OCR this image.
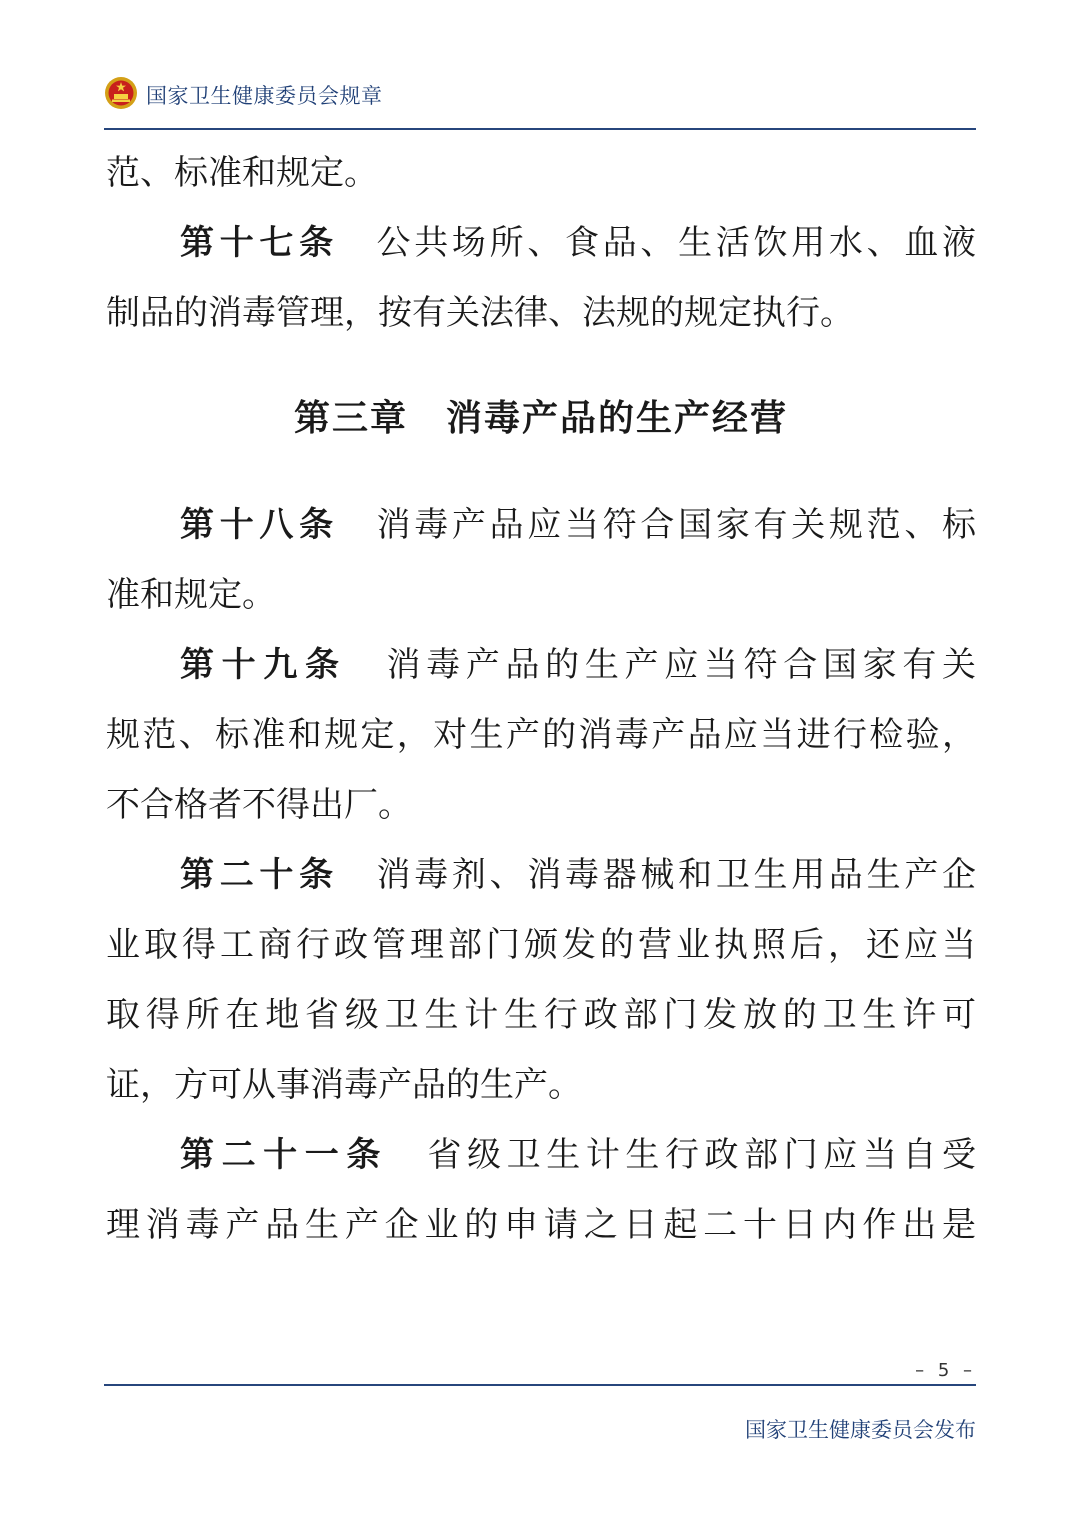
国家卫生健康委员会规章
范、标准和规定。
第十七条　 公共场所、食品、生活饮用水、血液
制品的消毒管理，按有关法律、法规的规定执行。
第三章　消毒产品的生产经营
第十八条　 消毒产品应当符合国家有关规范、标
准和规定。
第十九条　 消毒产品的生产应当符合国家有关
规范、标准和规定，对生产的消毒产品应当进行检验，
不合格者不得出厂。
第二十条　 消毒剂、消毒器械和卫生用品生产企
业取得工商行政管理部门颁发的营业执照后，还应当
取得所在地省级卫生计生行政部门发放的卫生许可
证，方可从事消毒产品的生产。
第二十一条　 省级卫生计生行政部门应当自受
理消毒产品生产企业的申请之日起二十日内作出是
– 5 –
国家卫生健康委员会发布
